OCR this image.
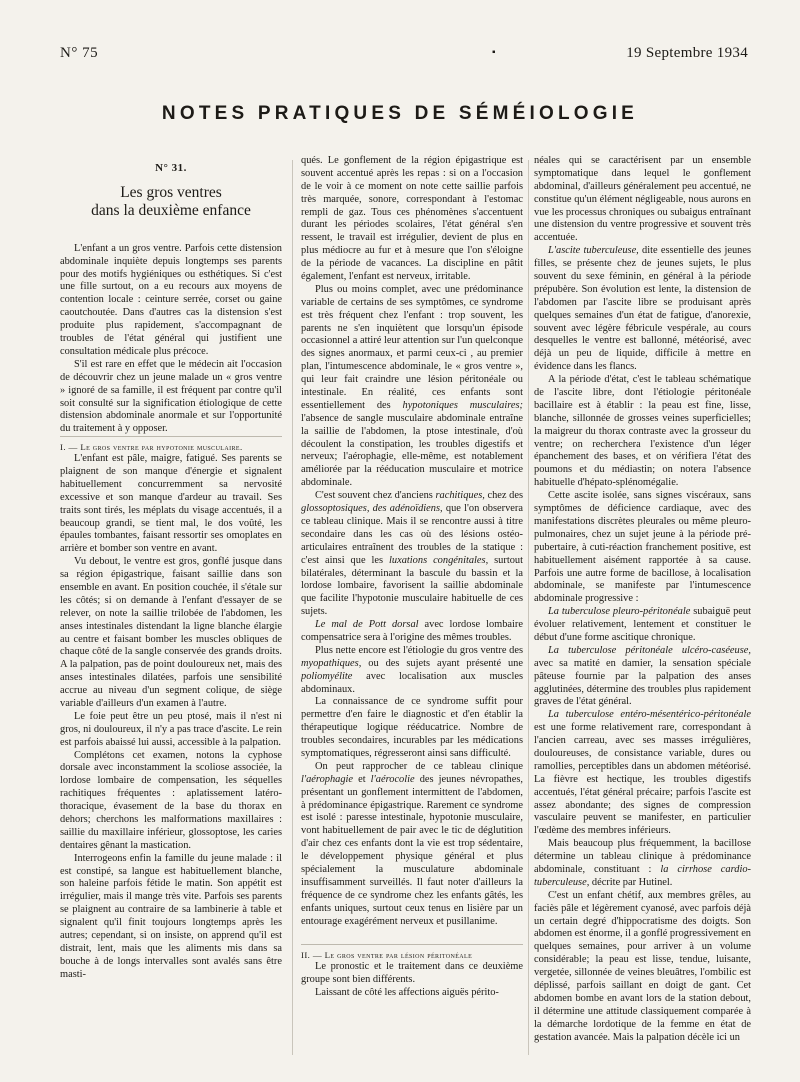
N° 75	▪	19 Septembre 1934
NOTES PRATIQUES DE SÉMÉIOLOGIE
N° 31.
Les gros ventres
dans la deuxième enfance

L'enfant a un gros ventre. Parfois cette distension abdominale inquiète depuis longtemps ses parents pour des motifs hygiéniques ou esthétiques. Si c'est une fille surtout, on a eu recours aux moyens de contention locale : ceinture serrée, corset ou gaine caoutchoutée. Dans d'autres cas la distension s'est produite plus rapidement, s'accompagnant de troubles de l'état général qui justifient une consultation médicale plus précoce.

S'il est rare en effet que le médecin ait l'occasion de découvrir chez un jeune malade un « gros ventre » ignoré de sa famille, il est fréquent par contre qu'il soit consulté sur la signification étiologique de cette distension abdominale anormale et sur l'opportunité du traitement à y opposer.

I. — Le gros ventre par hypotonie musculaire.

L'enfant est pâle, maigre, fatigué. Ses parents se plaignent de son manque d'énergie et signalent habituellement concurremment sa nervosité excessive et son manque d'ardeur au travail. Ses traits sont tirés, les méplats du visage accentués, il a beaucoup grandi, se tient mal, le dos voûté, les épaules tombantes, faisant ressortir ses omoplates en arrière et bomber son ventre en avant.

Vu debout, le ventre est gros, gonflé jusque dans sa région épigastrique, faisant saillie dans son ensemble en avant. En position couchée, il s'étale sur les côtés; si on demande à l'enfant d'essayer de se relever, on note la saillie trilobée de l'abdomen, les anses intestinales distendant la ligne blanche élargie au centre et faisant bomber les muscles obliques de chaque côté de la sangle conservée des grands droits. A la palpation, pas de point douloureux net, mais des anses intestinales dilatées, parfois une sensibilité accrue au niveau d'un segment colique, de siège variable d'ailleurs d'un examen à l'autre.

Le foie peut être un peu ptosé, mais il n'est ni gros, ni douloureux, il n'y a pas trace d'ascite. Le rein est parfois abaissé lui aussi, accessible à la palpation.

Complétons cet examen, notons la cyphose dorsale avec inconstamment la scoliose associée, la lordose lombaire de compensation, les séquelles rachitiques fréquentes : aplatissement latéro-thoracique, évasement de la base du thorax en dehors; cherchons les malformations maxillaires : saillie du maxillaire inférieur, glossoptose, les caries dentaires gênant la mastication.

Interrogeons enfin la famille du jeune malade : il est constipé, sa langue est habituellement blanche, son haleine parfois fétide le matin. Son appétit est irrégulier, mais il mange très vite. Parfois ses parents se plaignent au contraire de sa lambinerie à table et signalent qu'il finit toujours longtemps après les autres; cependant, si on insiste, on apprend qu'il est distrait, lent, mais que les aliments mis dans sa bouche à de longs intervalles sont avalés sans être masti-

qués. Le gonflement de la région épigastrique est souvent accentué après les repas : si on a l'occasion de le voir à ce moment on note cette saillie parfois très marquée, sonore, correspondant à l'estomac rempli de gaz. Tous ces phénomènes s'accentuent durant les périodes scolaires, l'état général s'en ressent, le travail est irrégulier, devient de plus en plus médiocre au fur et à mesure que l'on s'éloigne de la période de vacances. La discipline en pâtit également, l'enfant est nerveux, irritable.

Plus ou moins complet, avec une prédominance variable de certains de ses symptômes, ce syndrome est très fréquent chez l'enfant : trop souvent, les parents ne s'en inquiètent que lorsqu'un épisode occasionnel a attiré leur attention sur l'un quelconque des signes anormaux, et parmi ceux-ci , au premier plan, l'intumescence abdominale, le « gros ventre », qui leur fait craindre une lésion péritonéale ou intestinale. En réalité, ces enfants sont essentiellement des hypotoniques musculaires; l'absence de sangle musculaire abdominale entraîne la saillie de l'abdomen, la ptose intestinale, d'où découlent la constipation, les troubles digestifs et nerveux; l'aérophagie, elle-même, est notablement améliorée par la rééducation musculaire et motrice abdominale.

C'est souvent chez d'anciens rachitiques, chez des glossoptosiques, des adénoïdiens, que l'on observera ce tableau clinique. Mais il se rencontre aussi à titre secondaire dans les cas où des lésions ostéo-articulaires entraînent des troubles de la statique : c'est ainsi que les luxations congénitales, surtout bilatérales, déterminant la bascule du bassin et la lordose lombaire, favorisent la saillie abdominale que facilite l'hypotonie musculaire habituelle de ces sujets.

Le mal de Pott dorsal avec lordose lombaire compensatrice sera à l'origine des mêmes troubles.

Plus nette encore est l'étiologie du gros ventre des myopathiques, ou des sujets ayant présenté une poliomyélite avec localisation aux muscles abdominaux.

La connaissance de ce syndrome suffit pour permettre d'en faire le diagnostic et d'en établir la thérapeutique logique rééducatrice. Nombre de troubles secondaires, incurables par les médications symptomatiques, régresseront ainsi sans difficulté.

On peut rapprocher de ce tableau clinique l'aérophagie et l'aérocolie des jeunes névropathes, présentant un gonflement intermittent de l'abdomen, à prédominance épigastrique. Rarement ce syndrome est isolé : paresse intestinale, hypotonie musculaire, vont habituellement de pair avec le tic de déglutition d'air chez ces enfants dont la vie est trop sédentaire, le développement physique général et plus spécialement la musculature abdominale insuffisamment surveillés. Il faut noter d'ailleurs la fréquence de ce syndrome chez les enfants gâtés, les enfants uniques, surtout ceux tenus en lisière par un entourage exagérément nerveux et pusillanime.

II. — Le gros ventre par lésion péritonéale

Le pronostic et le traitement dans ce deuxième groupe sont bien différents.

Laissant de côté les affections aiguës périto-

néales qui se caractérisent par un ensemble symptomatique dans lequel le gonflement abdominal, d'ailleurs généralement peu accentué, ne constitue qu'un élément négligeable, nous aurons en vue les processus chroniques ou subaigus entraînant une distension du ventre progressive et souvent très accentuée.

L'ascite tuberculeuse, dite essentielle des jeunes filles, se présente chez de jeunes sujets, le plus souvent du sexe féminin, en général à la période prépubère. Son évolution est lente, la distension de l'abdomen par l'ascite libre se produisant après quelques semaines d'un état de fatigue, d'anorexie, souvent avec légère fébricule vespérale, au cours desquelles le ventre est ballonné, météorisé, avec déjà un peu de liquide, difficile à mettre en évidence dans les flancs.

A la période d'état, c'est le tableau schématique de l'ascite libre, dont l'étiologie péritonéale bacillaire est à établir : la peau est fine, lisse, blanche, sillonnée de grosses veines superficielles; la maigreur du thorax contraste avec la grosseur du ventre; on recherchera l'existence d'un léger épanchement des bases, et on vérifiera l'état des poumons et du médiastin; on notera l'absence habituelle d'hépato-splénomégalie.

Cette ascite isolée, sans signes viscéraux, sans symptômes de déficience cardiaque, avec des manifestations discrètes pleurales ou même pleuro-pulmonaires, chez un sujet jeune à la période pré-pubertaire, à cuti-réaction franchement positive, est habituellement aisément rapportée à sa cause. Parfois une autre forme de bacillose, à localisation abdominale, se manifeste par l'intumescence abdominale progressive :

La tuberculose pleuro-péritonéale subaiguë peut évoluer relativement, lentement et constituer le début d'une forme ascitique chronique.

La tuberculose péritonéale ulcéro-caséeuse, avec sa matité en damier, la sensation spéciale pâteuse fournie par la palpation des anses agglutinées, détermine des troubles plus rapidement graves de l'état général.

La tuberculose entéro-mésentérico-péritonéale est une forme relativement rare, correspondant à l'ancien carreau, avec ses masses irrégulières, douloureuses, de consistance variable, dures ou ramollies, perceptibles dans un abdomen météorisé. La fièvre est hectique, les troubles digestifs accentués, l'état général précaire; parfois l'ascite est assez abondante; des signes de compression vasculaire peuvent se manifester, en particulier l'œdème des membres inférieurs.

Mais beaucoup plus fréquemment, la bacillose détermine un tableau clinique à prédominance abdominale, constituant : la cirrhose cardio-tuberculeuse, décrite par Hutinel.

C'est un enfant chétif, aux membres grêles, au faciès pâle et légèrement cyanosé, avec parfois déjà un certain degré d'hippocratisme des doigts. Son abdomen est énorme, il a gonflé progressivement en quelques semaines, pour arriver à un volume considérable; la peau est lisse, tendue, luisante, vergetée, sillonnée de veines bleuâtres, l'ombilic est déplissé, parfois saillant en doigt de gant. Cet abdomen bombe en avant lors de la station debout, il détermine une attitude classiquement comparée à la démarche lordotique de la femme en état de gestation avancée. Mais la palpation décèle ici un
